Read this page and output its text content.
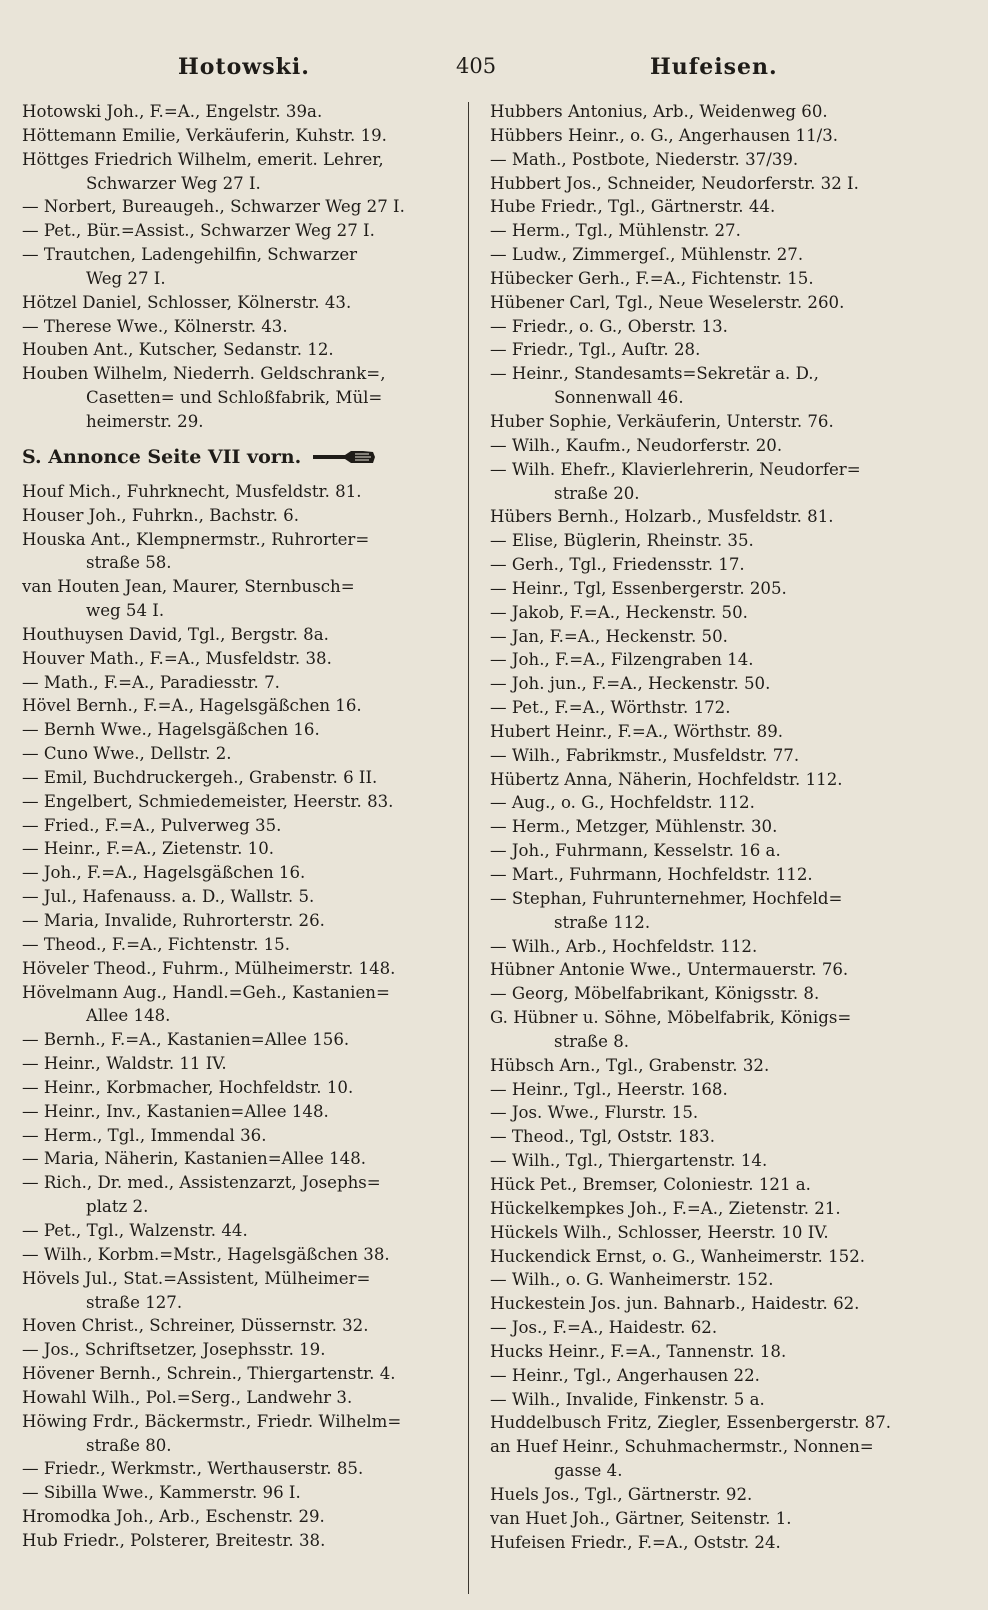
Hotowski.	405	Hufeisen.
Hotowski Joh., F.=A., Engelstr. 39a.
Höttemann Emilie, Verkäuferin, Kuhstr. 19.
Höttges Friedrich Wilhelm, emerit. Lehrer,
Schwarzer Weg 27 I.
— Norbert, Bureaugeh., Schwarzer Weg 27 I.
— Pet., Bür.=Assist., Schwarzer Weg 27 I.
— Trautchen, Ladengehilfin, Schwarzer
Weg 27 I.
Hötzel Daniel, Schlosser, Kölnerstr. 43.
— Therese Wwe., Kölnerstr. 43.
Houben Ant., Kutscher, Sedanstr. 12.
Houben Wilhelm, Niederrh. Geldschrank=,
Casetten= und Schloßfabrik, Mül=
heimerstr. 29.
S. Annonce Seite VII vorn.
Houf Mich., Fuhrknecht, Musfeldstr. 81.
Houser Joh., Fuhrkn., Bachstr. 6.
Houska Ant., Klempnermstr., Ruhrorter=
straße 58.
van Houten Jean, Maurer, Sternbusch=
weg 54 I.
Houthuysen David, Tgl., Bergstr. 8a.
Houver Math., F.=A., Musfeldstr. 38.
— Math., F.=A., Paradiesstr. 7.
Hövel Bernh., F.=A., Hagelsgäßchen 16.
— Bernh Wwe., Hagelsgäßchen 16.
— Cuno Wwe., Dellstr. 2.
— Emil, Buchdruckergeh., Grabenstr. 6 II.
— Engelbert, Schmiedemeister, Heerstr. 83.
— Fried., F.=A., Pulverweg 35.
— Heinr., F.=A., Zietenstr. 10.
— Joh., F.=A., Hagelsgäßchen 16.
— Jul., Hafenauss. a. D., Wallstr. 5.
— Maria, Invalide, Ruhrorterstr. 26.
— Theod., F.=A., Fichtenstr. 15.
Höveler Theod., Fuhrm., Mülheimerstr. 148.
Hövelmann Aug., Handl.=Geh., Kastanien=
Allee 148.
— Bernh., F.=A., Kastanien=Allee 156.
— Heinr., Waldstr. 11 IV.
— Heinr., Korbmacher, Hochfeldstr. 10.
— Heinr., Inv., Kastanien=Allee 148.
— Herm., Tgl., Immendal 36.
— Maria, Näherin, Kastanien=Allee 148.
— Rich., Dr. med., Assistenzarzt, Josephs=
platz 2.
— Pet., Tgl., Walzenstr. 44.
— Wilh., Korbm.=Mstr., Hagelsgäßchen 38.
Hövels Jul., Stat.=Assistent, Mülheimer=
straße 127.
Hoven Christ., Schreiner, Düssernstr. 32.
— Jos., Schriftsetzer, Josephsstr. 19.
Hövener Bernh., Schrein., Thiergartenstr. 4.
Howahl Wilh., Pol.=Serg., Landwehr 3.
Höwing Frdr., Bäckermstr., Friedr. Wilhelm=
straße 80.
— Friedr., Werkmstr., Werthauserstr. 85.
— Sibilla Wwe., Kammerstr. 96 I.
Hromodka Joh., Arb., Eschenstr. 29.
Hub Friedr., Polsterer, Breitestr. 38.
Hubbers Antonius, Arb., Weidenweg 60.
Hübbers Heinr., o. G., Angerhausen 11/3.
— Math., Postbote, Niederstr. 37/39.
Hubbert Jos., Schneider, Neudorferstr. 32 I.
Hube Friedr., Tgl., Gärtnerstr. 44.
— Herm., Tgl., Mühlenstr. 27.
— Ludw., Zimmergeſ., Mühlenstr. 27.
Hübecker Gerh., F.=A., Fichtenstr. 15.
Hübener Carl, Tgl., Neue Weselerstr. 260.
— Friedr., o. G., Oberstr. 13.
— Friedr., Tgl., Auſtr. 28.
— Heinr., Standesamts=Sekretär a. D.,
Sonnenwall 46.
Huber Sophie, Verkäuferin, Unterstr. 76.
— Wilh., Kaufm., Neudorferstr. 20.
— Wilh. Ehefr., Klavierlehrerin, Neudorfer=
straße 20.
Hübers Bernh., Holzarb., Musfeldstr. 81.
— Elise, Büglerin, Rheinstr. 35.
— Gerh., Tgl., Friedensstr. 17.
— Heinr., Tgl, Essenbergerstr. 205.
— Jakob, F.=A., Heckenstr. 50.
— Jan, F.=A., Heckenstr. 50.
— Joh., F.=A., Filzengraben 14.
— Joh. jun., F.=A., Heckenstr. 50.
— Pet., F.=A., Wörthstr. 172.
Hubert Heinr., F.=A., Wörthstr. 89.
— Wilh., Fabrikmstr., Musfeldstr. 77.
Hübertz Anna, Näherin, Hochfeldstr. 112.
— Aug., o. G., Hochfeldstr. 112.
— Herm., Metzger, Mühlenstr. 30.
— Joh., Fuhrmann, Kesselstr. 16 a.
— Mart., Fuhrmann, Hochfeldstr. 112.
— Stephan, Fuhrunternehmer, Hochfeld=
straße 112.
— Wilh., Arb., Hochfeldstr. 112.
Hübner Antonie Wwe., Untermauerstr. 76.
— Georg, Möbelfabrikant, Königsstr. 8.
G. Hübner u. Söhne, Möbelfabrik, Königs=
straße 8.
Hübsch Arn., Tgl., Grabenstr. 32.
— Heinr., Tgl., Heerstr. 168.
— Jos. Wwe., Flurstr. 15.
— Theod., Tgl, Oststr. 183.
— Wilh., Tgl., Thiergartenstr. 14.
Hück Pet., Bremser, Coloniestr. 121 a.
Hückelkempkes Joh., F.=A., Zietenstr. 21.
Hückels Wilh., Schlosser, Heerstr. 10 IV.
Huckendick Ernst, o. G., Wanheimerstr. 152.
— Wilh., o. G. Wanheimerstr. 152.
Huckestein Jos. jun. Bahnarb., Haidestr. 62.
— Jos., F.=A., Haidestr. 62.
Hucks Heinr., F.=A., Tannenstr. 18.
— Heinr., Tgl., Angerhausen 22.
— Wilh., Invalide, Finkenstr. 5 a.
Huddelbusch Fritz, Ziegler, Essenbergerstr. 87.
an Huef Heinr., Schuhmachermstr., Nonnen=
gasse 4.
Huels Jos., Tgl., Gärtnerstr. 92.
van Huet Joh., Gärtner, Seitenstr. 1.
Hufeisen Friedr., F.=A., Oststr. 24.
